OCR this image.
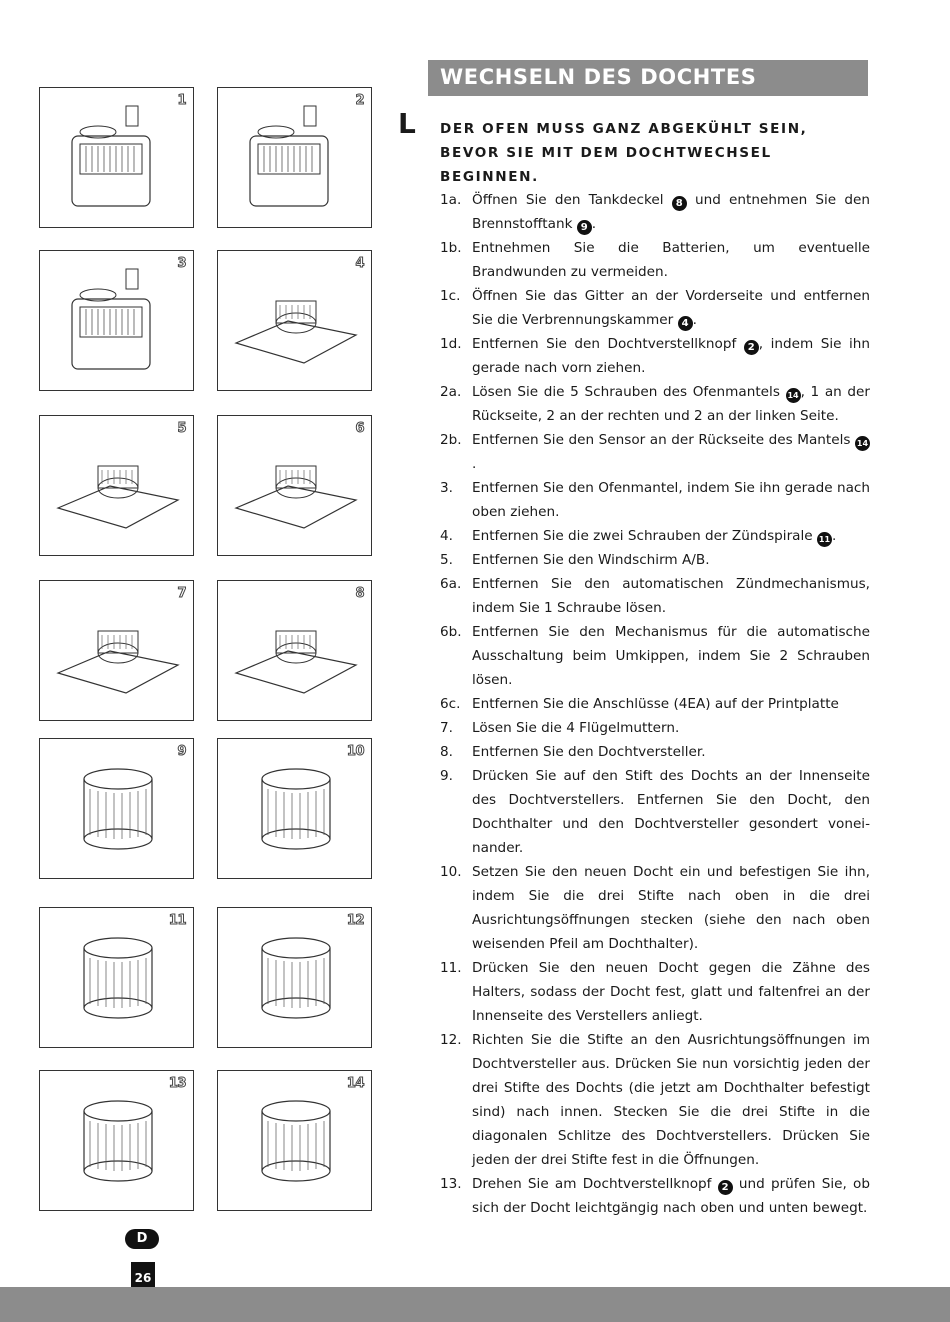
1	2
3	4
5	6
7	8
9	10
11	12
13	14
WECHSELN DES DOCHTES
L DER OFEN MUSS GANZ ABGEKÜHLT SEIN, BEVOR SIE MIT DEM DOCHTWECHSEL BEGINNEN.
1a. Öffnen Sie den Tankdeckel 8 und entnehmen Sie den Brennstofftank 9 .
1b. Entnehmen Sie die Batterien, um eventuelle Brandwunden zu vermeiden.
1c. Öffnen Sie das Gitter an der Vorderseite und entfernen Sie die Verbrennungskammer 4 .
1d. Entfernen Sie den Dochtverstellknopf 2 , indem Sie ihn gerade nach vorn ziehen.
2a. Lösen Sie die 5 Schrauben des Ofenmantels 14 , 1 an der Rückseite, 2 an der rechten und 2 an der linken Seite.
2b. Entfernen Sie den Sensor an der Rückseite des Mantels 14.
3.	Entfernen Sie den Ofenmantel, indem Sie ihn gerade nach oben ziehen.
4.	Entfernen Sie die zwei Schrauben der Zündspirale 11 .
5.	Entfernen Sie den Windschirm A/B.
6a. Entfernen Sie den automatischen Zündmechanismus, indem Sie 1 Schraube lösen.
6b. Entfernen Sie den Mechanismus für die automatische Ausschaltung beim Umkippen, indem Sie 2 Schrauben lösen.
6c. Entfernen Sie die Anschlüsse (4EA) auf der Printplatte
7.	Lösen Sie die 4 Flügelmuttern.
8.	Entfernen Sie den Dochtversteller.
9.	Drücken Sie auf den Stift des Dochts an der Innenseite des Dochtverstellers. Entfernen Sie den Docht, den Dochthalter und den Dochtversteller gesondert voneinander.
10. Setzen Sie den neuen Docht ein und befestigen Sie ihn, indem Sie die drei Stifte nach oben in die drei Ausrichtungsöffnungen stecken (siehe den nach oben weisenden Pfeil am Dochthalter).
11. Drücken Sie den neuen Docht gegen die Zähne des Halters, sodass der Docht fest, glatt und faltenfrei an der Innenseite des Verstellers anliegt.
12. Richten Sie die Stifte an den Ausrichtungsöffnungen im Dochtversteller aus. Drücken Sie nun vorsichtig jeden der drei Stifte des Dochts (die jetzt am Dochthalter befestigt sind) nach innen. Stecken Sie die drei Stifte in die diagonalen Schlitze des Dochtverstellers. Drücken Sie jeden der drei Stifte fest in die Öffnungen.
13. Drehen Sie am Dochtverstellknopf 2 und prüfen Sie, ob sich der Docht leichtgängig nach oben und unten bewegt.
D
26
